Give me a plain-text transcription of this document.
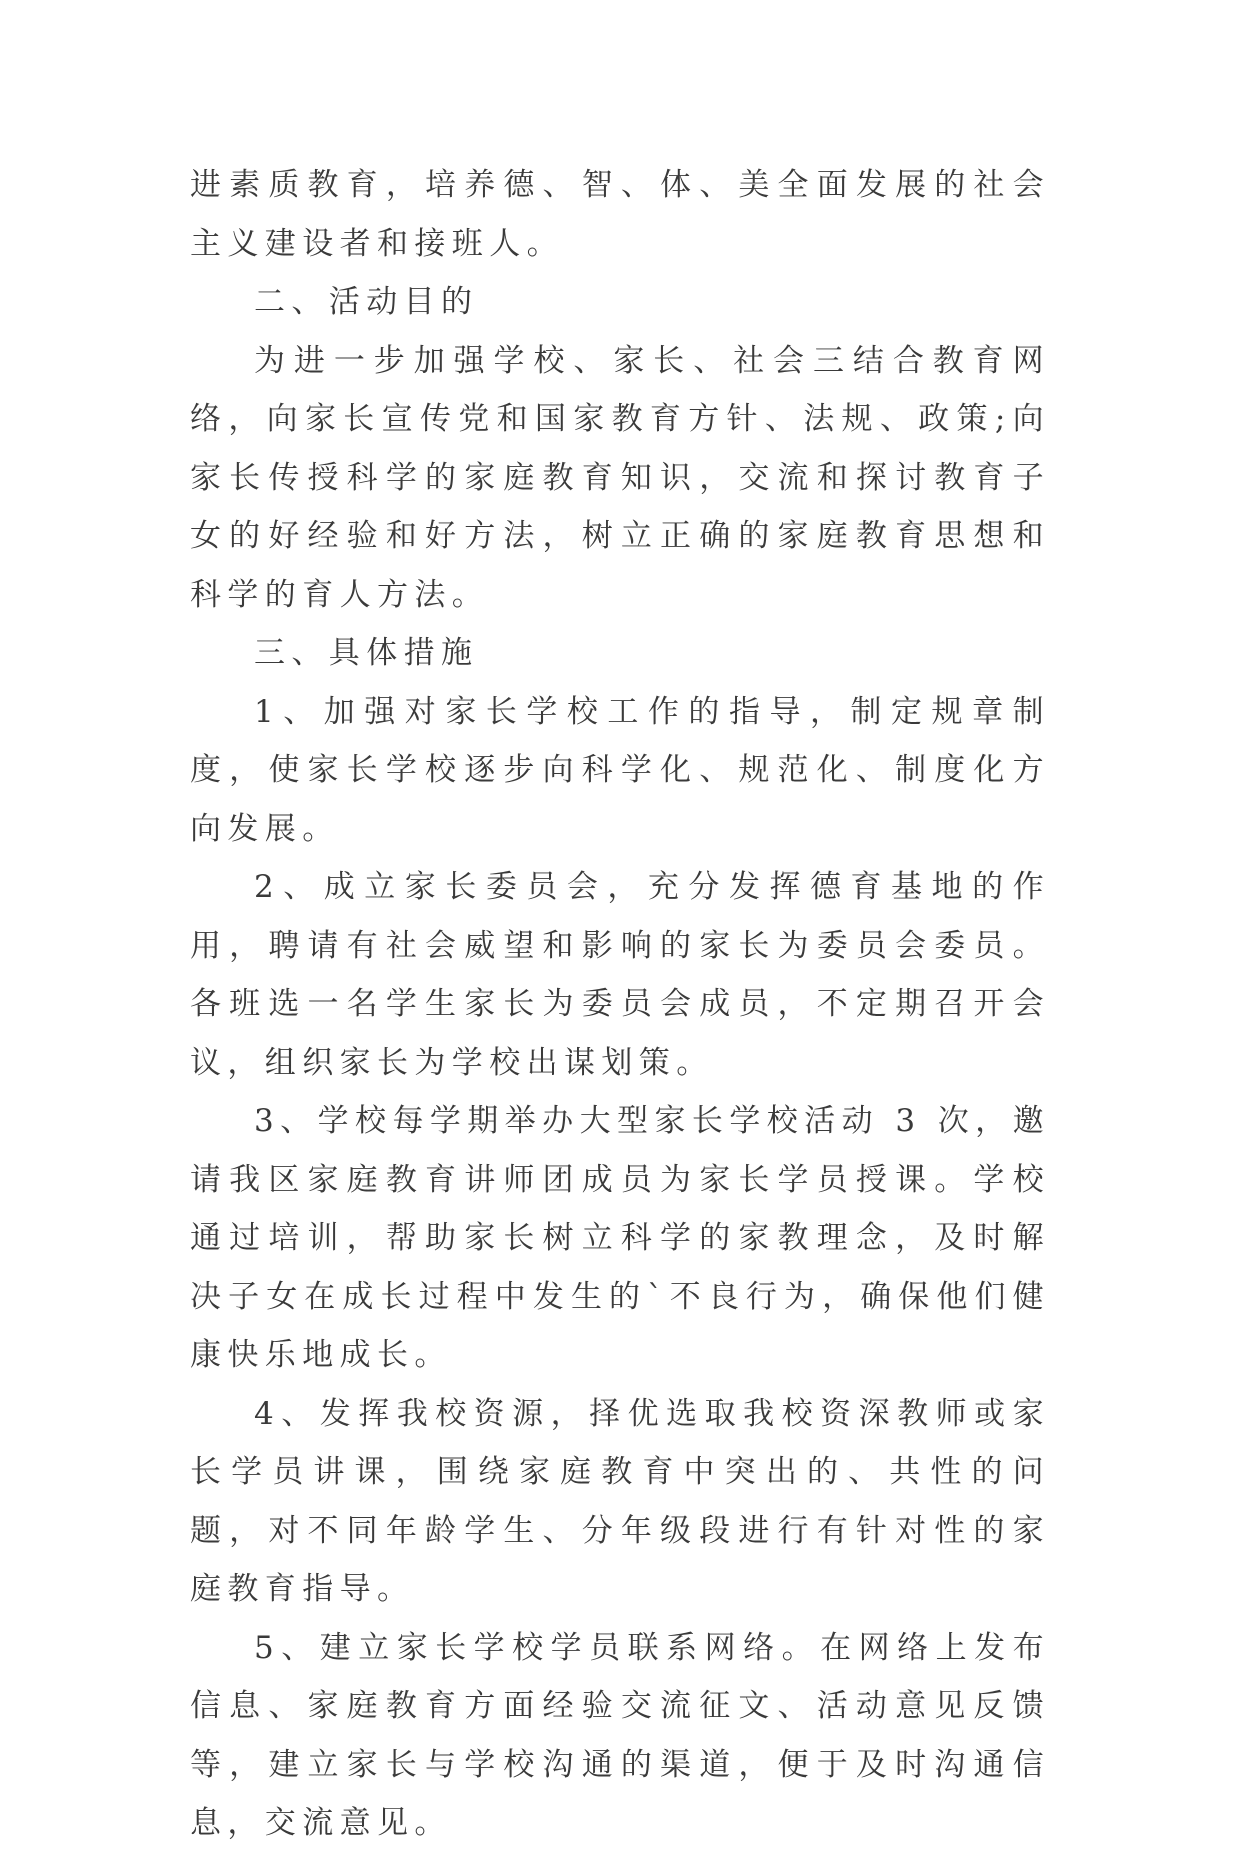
进素质教育，培养德、智、体、美全面发展的社会主义建设者和接班人。

二、活动目的

为进一步加强学校、家长、社会三结合教育网络，向家长宣传党和国家教育方针、法规、政策;向家长传授科学的家庭教育知识，交流和探讨教育子女的好经验和好方法，树立正确的家庭教育思想和科学的育人方法。

三、具体措施

1、加强对家长学校工作的指导，制定规章制度，使家长学校逐步向科学化、规范化、制度化方向发展。

2、成立家长委员会，充分发挥德育基地的作用，聘请有社会威望和影响的家长为委员会委员。各班选一名学生家长为委员会成员，不定期召开会议，组织家长为学校出谋划策。

3、学校每学期举办大型家长学校活动 3 次，邀请我区家庭教育讲师团成员为家长学员授课。学校通过培训，帮助家长树立科学的家教理念，及时解决子女在成长过程中发生的`不良行为，确保他们健康快乐地成长。

4、发挥我校资源，择优选取我校资深教师或家长学员讲课，围绕家庭教育中突出的、共性的问题，对不同年龄学生、分年级段进行有针对性的家庭教育指导。

5、建立家长学校学员联系网络。在网络上发布信息、家庭教育方面经验交流征文、活动意见反馈等，建立家长与学校沟通的渠道，便于及时沟通信息，交流意见。
